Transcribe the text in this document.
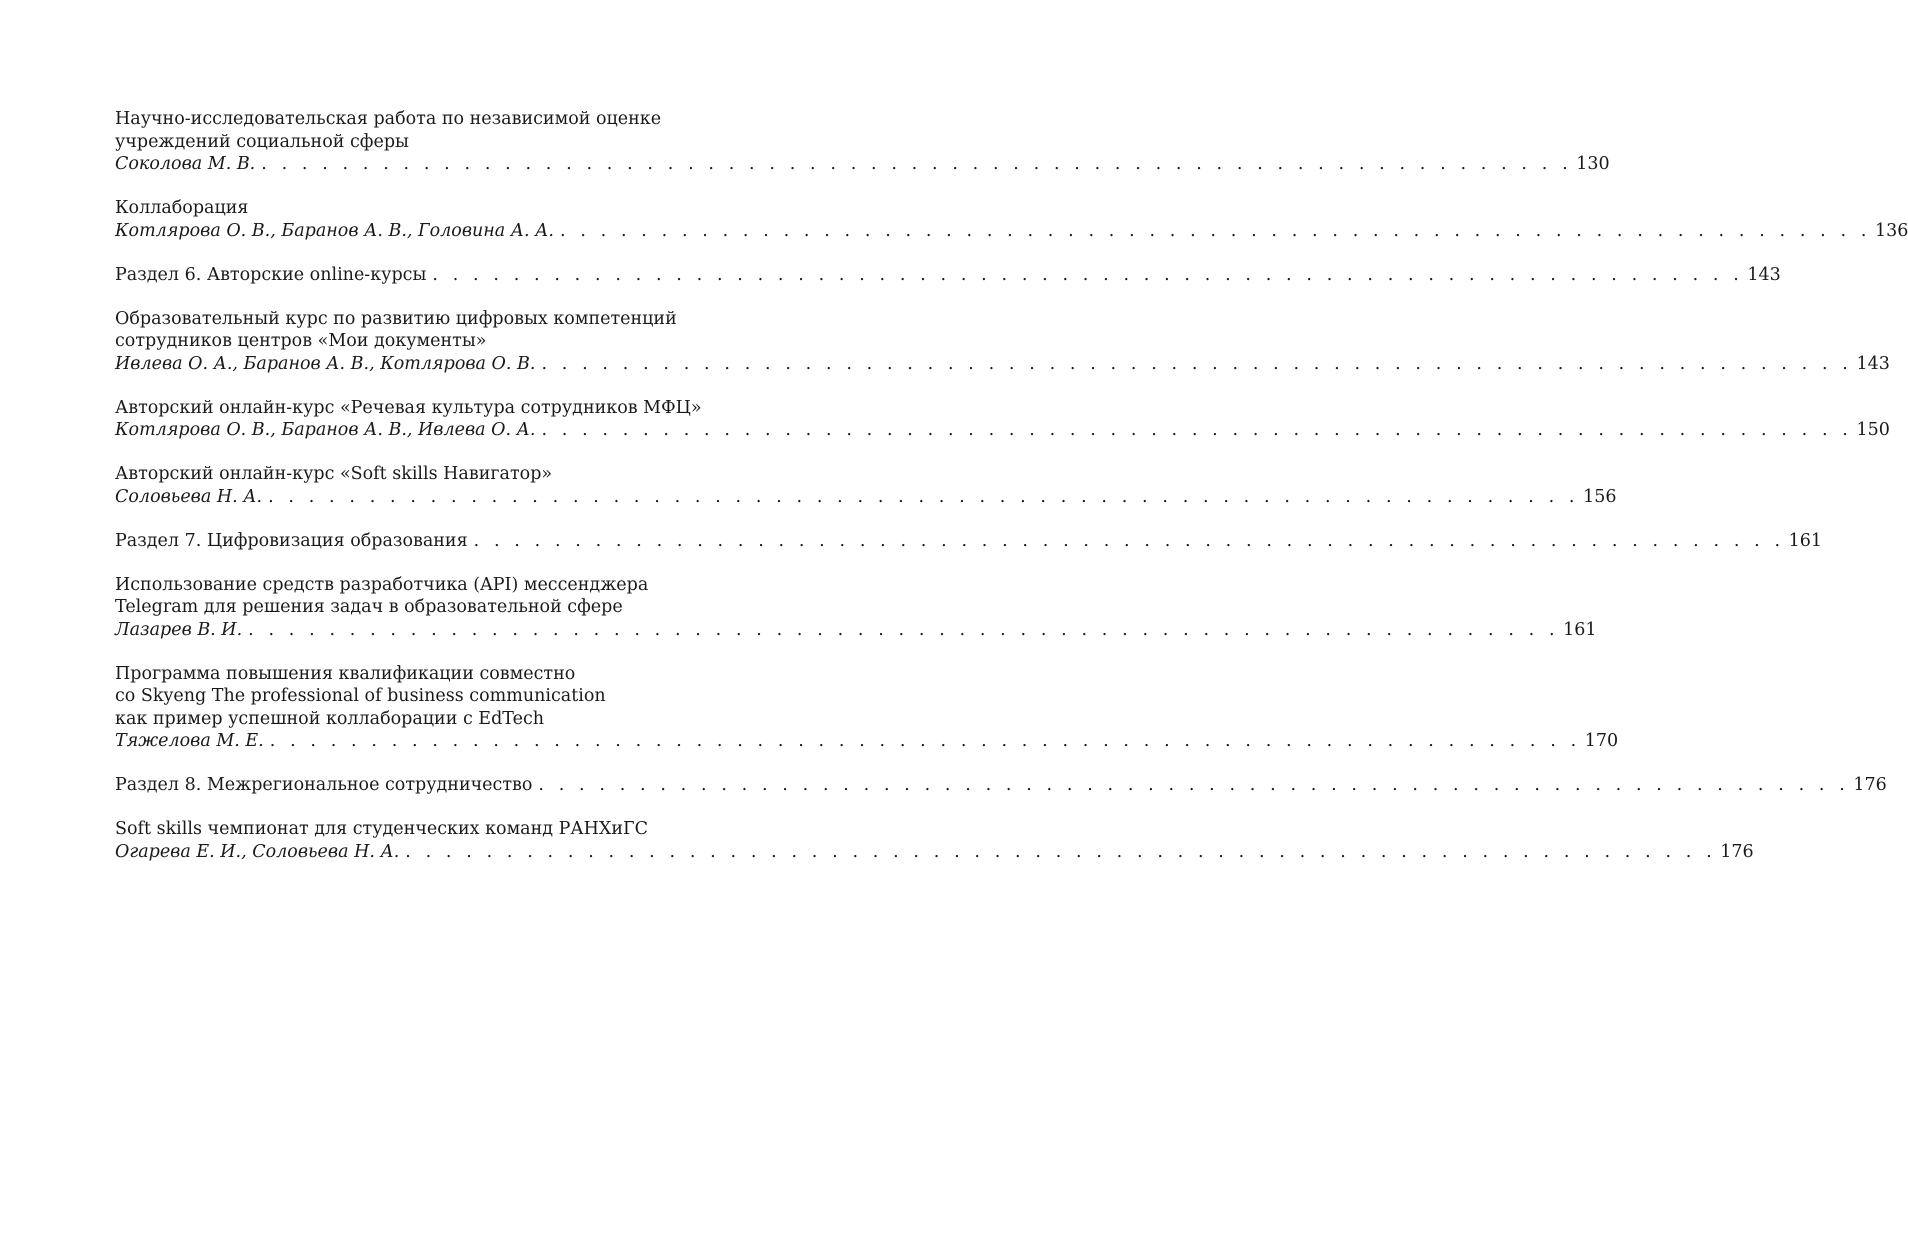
Научно-исследовательская работа по независимой оценке
учреждений социальной сферы
Соколова М. В. . . . . . . . . . . . . . . . . . . . . . . . . . . . . . . . . . . . . . . . . . . . . . . . . . . . . . . . . . . . . . . . . . 130
Коллаборация
Котлярова О. В., Баранов А. В., Головина А. А. . . . . . . . . . . . . . . . . . . . . . . . . . . . . . . . . . . . . . . . . . . . . . . . . . . . . . . . . . . . . . . . . . 136
Раздел 6. Авторские online-курсы . . . . . . . . . . . . . . . . . . . . . . . . . . . . . . . . . . . . . . . . . . . . . . . . . . . . . . . . . . . . . . . . . 143
Образовательный курс по развитию цифровых компетенций
сотрудников центров «Мои документы»
Ивлева О. А., Баранов А. В., Котлярова О. В. . . . . . . . . . . . . . . . . . . . . . . . . . . . . . . . . . . . . . . . . . . . . . . . . . . . . . . . . . . . . . . . . . 143
Авторский онлайн-курс «Речевая культура сотрудников МФЦ»
Котлярова О. В., Баранов А. В., Ивлева О. А. . . . . . . . . . . . . . . . . . . . . . . . . . . . . . . . . . . . . . . . . . . . . . . . . . . . . . . . . . . . . . . . . . 150
Авторский онлайн-курс «Soft skills Навигатор»
Соловьева Н. А. . . . . . . . . . . . . . . . . . . . . . . . . . . . . . . . . . . . . . . . . . . . . . . . . . . . . . . . . . . . . . . . . . 156
Раздел 7. Цифровизация образования . . . . . . . . . . . . . . . . . . . . . . . . . . . . . . . . . . . . . . . . . . . . . . . . . . . . . . . . . . . . . . . . . 161
Использование средств разработчика (API) мессенджера
Telegram для решения задач в образовательной сфере
Лазарев В. И. . . . . . . . . . . . . . . . . . . . . . . . . . . . . . . . . . . . . . . . . . . . . . . . . . . . . . . . . . . . . . . . . . 161
Программа повышения квалификации совместно
со Skyeng The professional of business communication
как пример успешной коллаборации с EdTech
Тяжелова М. Е. . . . . . . . . . . . . . . . . . . . . . . . . . . . . . . . . . . . . . . . . . . . . . . . . . . . . . . . . . . . . . . . . . 170
Раздел 8. Межрегиональное сотрудничество . . . . . . . . . . . . . . . . . . . . . . . . . . . . . . . . . . . . . . . . . . . . . . . . . . . . . . . . . . . . . . . . . 176
Soft skills чемпионат для студенческих команд РАНХиГС
Огарева Е. И., Соловьева Н. А. . . . . . . . . . . . . . . . . . . . . . . . . . . . . . . . . . . . . . . . . . . . . . . . . . . . . . . . . . . . . . . . . . 176
